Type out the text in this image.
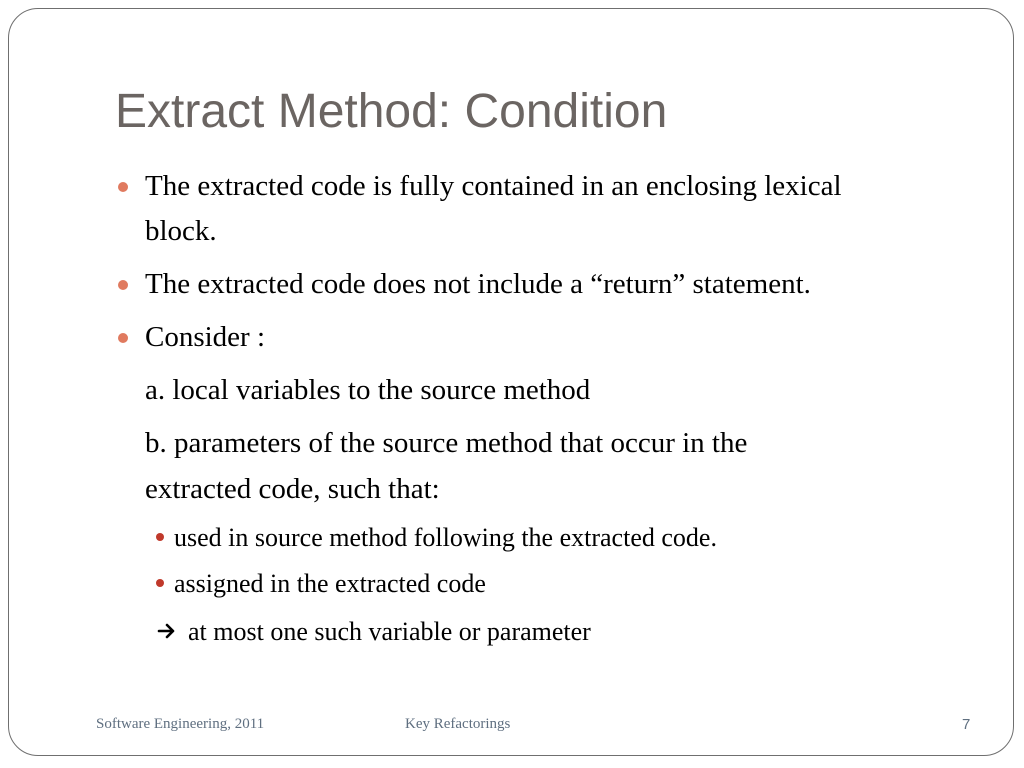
Extract Method: Condition
The extracted code is fully contained in an enclosing lexical
block.
The extracted code does not include a “return” statement.
Consider :
a. local variables to the source method
b. parameters of the source method that occur in the
extracted code, such that:
used in source method following the extracted code.
assigned in the extracted code
at most one such variable or parameter
Software Engineering, 2011	Key Refactorings	7
